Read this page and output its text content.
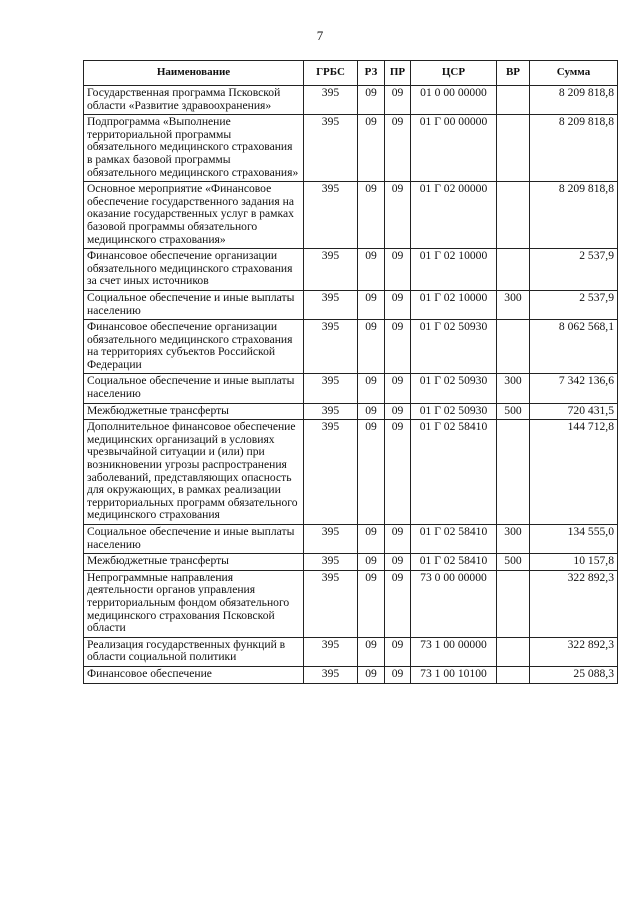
7
Наименование	ГРБС	РЗ	ПР	ЦСР	ВР	Сумма
Государственная программа Псковской области «Развитие здравоохранения»	395	09	09	01 0 00 00000		8 209 818,8
Подпрограмма «Выполнение территориальной программы обязательного медицинского страхования в рамках базовой программы обязательного медицинского страхования»	395	09	09	01 Г 00 00000		8 209 818,8
Основное мероприятие «Финансовое обеспечение государственного задания на оказание государственных услуг в рамках базовой программы обязательного медицинского страхования»	395	09	09	01 Г 02 00000		8 209 818,8
Финансовое обеспечение организации обязательного медицинского страхования за счет иных источников	395	09	09	01 Г 02 10000		2 537,9
Социальное обеспечение и иные выплаты населению	395	09	09	01 Г 02 10000	300	2 537,9
Финансовое обеспечение организации обязательного медицинского страхования на территориях субъектов Российской Федерации	395	09	09	01 Г 02 50930		8 062 568,1
Социальное обеспечение и иные выплаты населению	395	09	09	01 Г 02 50930	300	7 342 136,6
Межбюджетные трансферты	395	09	09	01 Г 02 50930	500	720 431,5
Дополнительное финансовое обеспечение медицинских организаций в условиях чрезвычайной ситуации и (или) при возникновении угрозы распространения заболеваний, представляющих опасность для окружающих, в рамках реализации территориальных программ обязательного медицинского страхования	395	09	09	01 Г 02 58410		144 712,8
Социальное обеспечение и иные выплаты населению	395	09	09	01 Г 02 58410	300	134 555,0
Межбюджетные трансферты	395	09	09	01 Г 02 58410	500	10 157,8
Непрограммные направления деятельности органов управления территориальным фондом обязательного медицинского страхования Псковской области	395	09	09	73 0 00 00000		322 892,3
Реализация государственных функций в области социальной политики	395	09	09	73 1 00 00000		322 892,3
Финансовое обеспечение	395	09	09	73 1 00 10100		25 088,3
